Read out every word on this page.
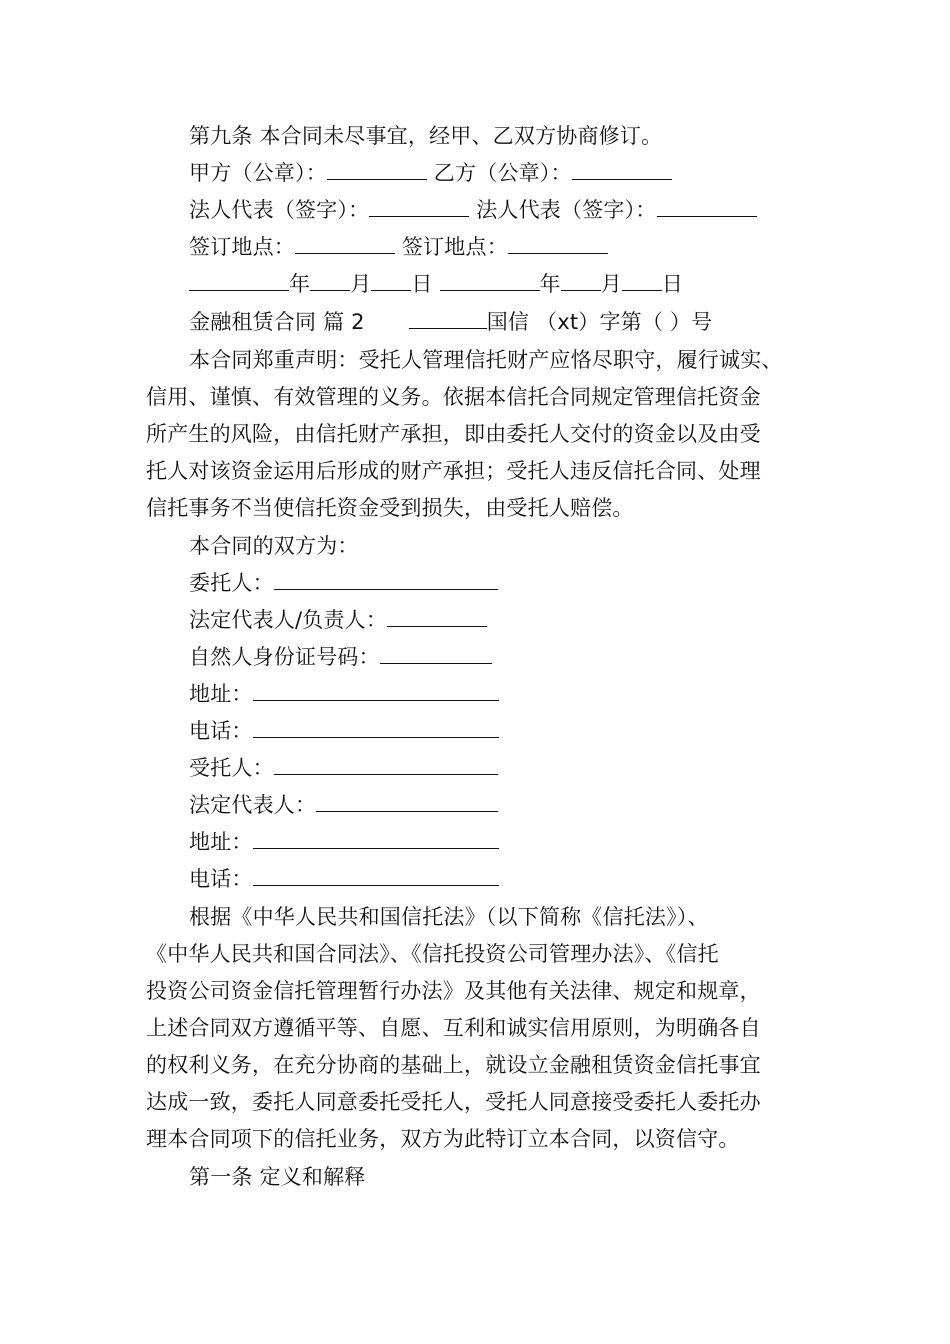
第九条 本合同未尽事宜，经甲、乙双方协商修订。
甲方（公章）：	乙方（公章）：
法人代表（签字）：	法人代表（签字）：
签订地点：	签订地点：
年 月 日	年 月 日
金融租赁合同 篇 2	国信 （xt）字第（ ）号
本合同郑重声明：受托人管理信托财产应恪尽职守，履行诚实、
信用、谨慎、有效管理的义务。依据本信托合同规定管理信托资金
所产生的风险，由信托财产承担，即由委托人交付的资金以及由受
托人对该资金运用后形成的财产承担；受托人违反信托合同、处理
信托事务不当使信托资金受到损失，由受托人赔偿。
本合同的双方为：
委托人：
法定代表人/负责人：
自然人身份证号码：
地址：
电话：
受托人：
法定代表人：
地址：
电话：
根据《中华人民共和国信托法》（以下简称《信托法》）、
《中华人民共和国合同法》、《信托投资公司管理办法》、《信托
投资公司资金信托管理暂行办法》及其他有关法律、规定和规章，
上述合同双方遵循平等、自愿、互利和诚实信用原则，为明确各自
的权利义务，在充分协商的基础上，就设立金融租赁资金信托事宜
达成一致，委托人同意委托受托人，受托人同意接受委托人委托办
理本合同项下的信托业务，双方为此特订立本合同，以资信守。
第一条 定义和解释
